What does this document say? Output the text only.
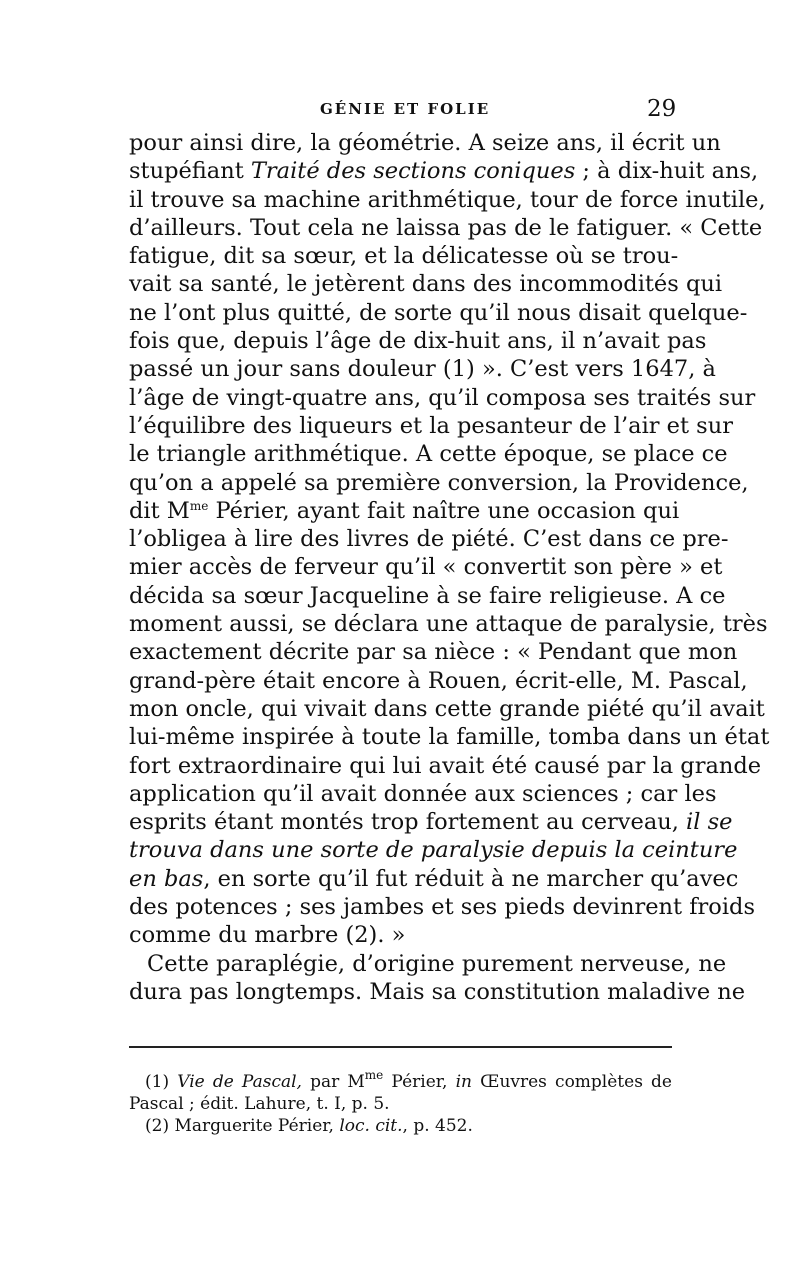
GÉNIE ET FOLIE	29
pour ainsi dire, la géométrie. A seize ans, il écrit un
stupéfiant Traité des sections coniques ; à dix-huit ans,
il trouve sa machine arithmétique, tour de force inutile,
d’ailleurs. Tout cela ne laissa pas de le fatiguer. « Cette
fatigue, dit sa sœur, et la délicatesse où se trou-
vait sa santé, le jetèrent dans des incommodités qui
ne l’ont plus quitté, de sorte qu’il nous disait quelque-
fois que, depuis l’âge de dix-huit ans, il n’avait pas
passé un jour sans douleur (1) ». C’est vers 1647, à
l’âge de vingt-quatre ans, qu’il composa ses traités sur
l’équilibre des liqueurs et la pesanteur de l’air et sur
le triangle arithmétique. A cette époque, se place ce
qu’on a appelé sa première conversion, la Providence,
dit $M^{me}$ Périer, ayant fait naître une occasion qui
l’obligea à lire des livres de piété. C’est dans ce pre-
mier accès de ferveur qu’il « convertit son père » et
décida sa sœur Jacqueline à se faire religieuse. A ce
moment aussi, se déclara une attaque de paralysie, très
exactement décrite par sa nièce : « Pendant que mon
grand-père était encore à Rouen, écrit-elle, M. Pascal,
mon oncle, qui vivait dans cette grande piété qu’il avait
lui-même inspirée à toute la famille, tomba dans un état
fort extraordinaire qui lui avait été causé par la grande
application qu’il avait donnée aux sciences ; car les
esprits étant montés trop fortement au cerveau, il se
trouva dans une sorte de paralysie depuis la ceinture
en bas, en sorte qu’il fut réduit à ne marcher qu’avec
des potences ; ses jambes et ses pieds devinrent froids
comme du marbre (2). »
Cette paraplégie, d’origine purement nerveuse, ne
dura pas longtemps. Mais sa constitution maladive ne
(1) Vie de Pascal, par $M^{me}$ Périer, in Œuvres complètes de
Pascal ; édit. Lahure, t. I, p. 5.
(2) Marguerite Périer, loc. cit., p. 452.
